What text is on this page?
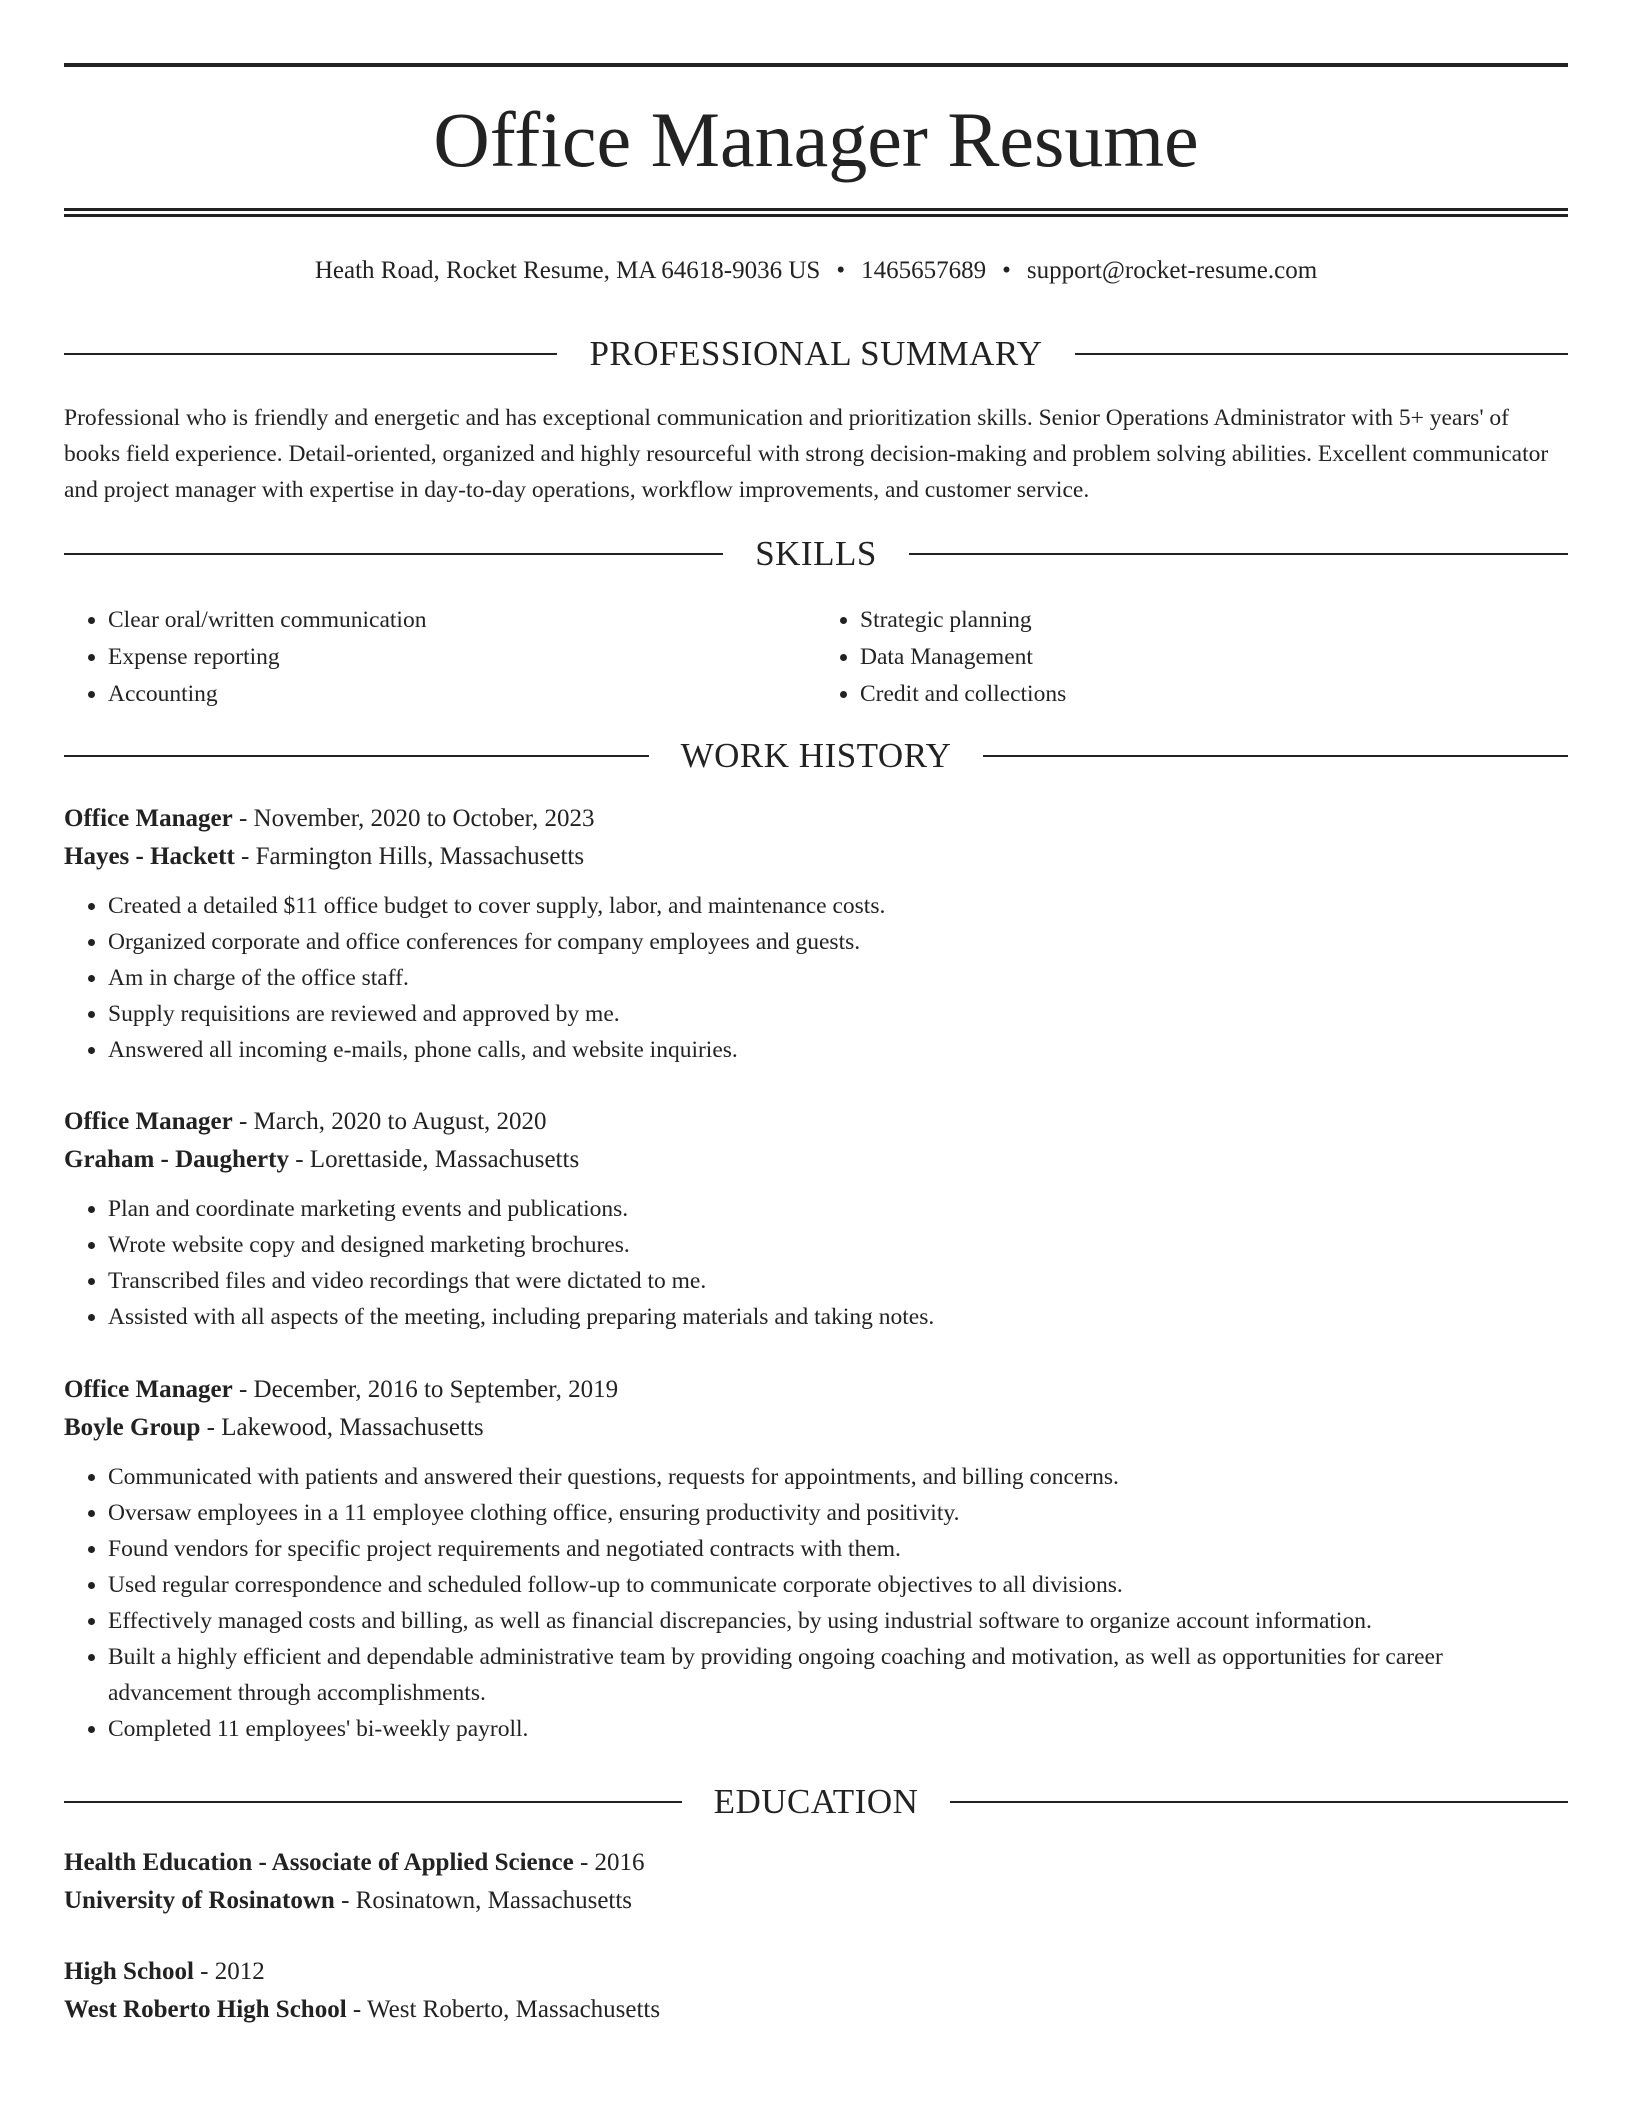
Office Manager Resume
Heath Road, Rocket Resume, MA 64618-9036 US • 1465657689 • support@rocket-resume.com
PROFESSIONAL SUMMARY

Professional who is friendly and energetic and has exceptional communication and prioritization skills. Senior Operations Administrator with 5+ years' of books field experience. Detail-oriented, organized and highly resourceful with strong decision-making and problem solving abilities. Excellent communicator and project manager with expertise in day-to-day operations, workflow improvements, and customer service.

SKILLS
• Clear oral/written communication
• Expense reporting
• Accounting
• Strategic planning
• Data Management
• Credit and collections
WORK HISTORY
Office Manager - November, 2020 to October, 2023
Hayes - Hackett - Farmington Hills, Massachusetts
• Created a detailed $11 office budget to cover supply, labor, and maintenance costs.
• Organized corporate and office conferences for company employees and guests.
• Am in charge of the office staff.
• Supply requisitions are reviewed and approved by me.
• Answered all incoming e-mails, phone calls, and website inquiries.
Office Manager - March, 2020 to August, 2020
Graham - Daugherty - Lorettaside, Massachusetts
• Plan and coordinate marketing events and publications.
• Wrote website copy and designed marketing brochures.
• Transcribed files and video recordings that were dictated to me.
• Assisted with all aspects of the meeting, including preparing materials and taking notes.
Office Manager - December, 2016 to September, 2019
Boyle Group - Lakewood, Massachusetts
• Communicated with patients and answered their questions, requests for appointments, and billing concerns.
• Oversaw employees in a 11 employee clothing office, ensuring productivity and positivity.
• Found vendors for specific project requirements and negotiated contracts with them.
• Used regular correspondence and scheduled follow-up to communicate corporate objectives to all divisions.
• Effectively managed costs and billing, as well as financial discrepancies, by using industrial software to organize account information.
• Built a highly efficient and dependable administrative team by providing ongoing coaching and motivation, as well as opportunities for career advancement through accomplishments.
• Completed 11 employees' bi-weekly payroll.
EDUCATION
Health Education - Associate of Applied Science - 2016
University of Rosinatown - Rosinatown, Massachusetts
High School - 2012
West Roberto High School - West Roberto, Massachusetts
